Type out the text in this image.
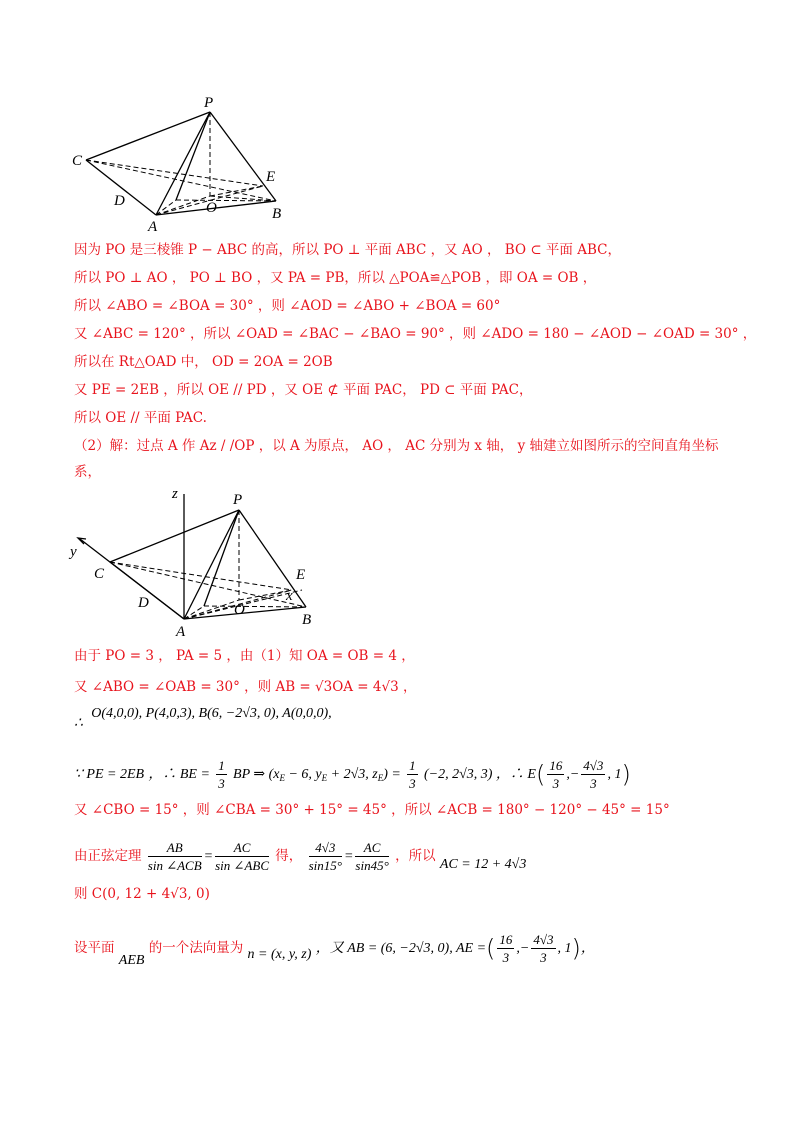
P
C
E
D	O
A
B
因为 PO 是三棱锥 P − ABC 的高，所以 PO ⊥ 平面 ABC ，又 AO ， BO ⊂ 平面 ABC，
所以 PO ⊥ AO ， PO ⊥ BO ，又 PA = PB，所以 △POA≌△POB ，即 OA = OB ，
所以 ∠ABO = ∠BOA = 30° ，则 ∠AOD = ∠ABO + ∠BOA = 60°
又 ∠ABC = 120° ，所以 ∠OAD = ∠BAC − ∠BAO = 90° ，则 ∠ADO = 180 − ∠AOD − ∠OAD = 30° ，
所以在 Rt△OAD 中， OD = 2OA = 2OB
又 PE = 2EB ，所以 OE // PD ，又 OE ⊄ 平面 PAC， PD ⊂ 平面 PAC，
所以 OE // 平面 PAC.
（2）解：过点 A 作 Az / /OP ，以 A 为原点， AO ， AC 分别为 x 轴， y 轴建立如图所示的空间直角坐标
系，
z
y
x
P
C	E
D	O
A
B
由于 PO = 3 ， PA = 5 ，由（1）知 OA = OB = 4 ，
又 ∠ABO = ∠OAB = 30° ，则 AB = √3OA = 4√3 ，
∴ O(4,0,0), P(4,0,3), B(6, −2√3, 0), A(0,0,0),
∵ PE = 2EB ，∴ BE = $\frac{1}{3}$ BP ⇒ ($x_E - 6$, $y_E + 2√3$, $z_E) = \frac{1}{3} (-2$, 2√3, 3) ，∴ $E( \frac{16}{3}$ ,− $\frac{4√3}{3}$ , 1)
又 ∠CBO = 15° ，则 ∠CBA = 30° + 15° = 45° ，所以 ∠ACB = 180° − 120° − 45° = 15°
由正弦定理 $\frac{AB}{\text{sin ∠ACB}} = \frac{AC}{\text{sin ∠ABC}}$ 得， $\frac{4√3}{\sin 15^\circ} = \frac{AC}{\sin 45^\circ}$ ，所以 AC = 12 + 4√3
则 C(0, 12 + 4√3, 0)
设平面 AEB 的一个法向量为 n = (x, y, z) ，又 AB = (6, −2√3, 0), AE =( $\frac{16}{3}$ ,− $\frac{4√3}{3}$ , 1)，
